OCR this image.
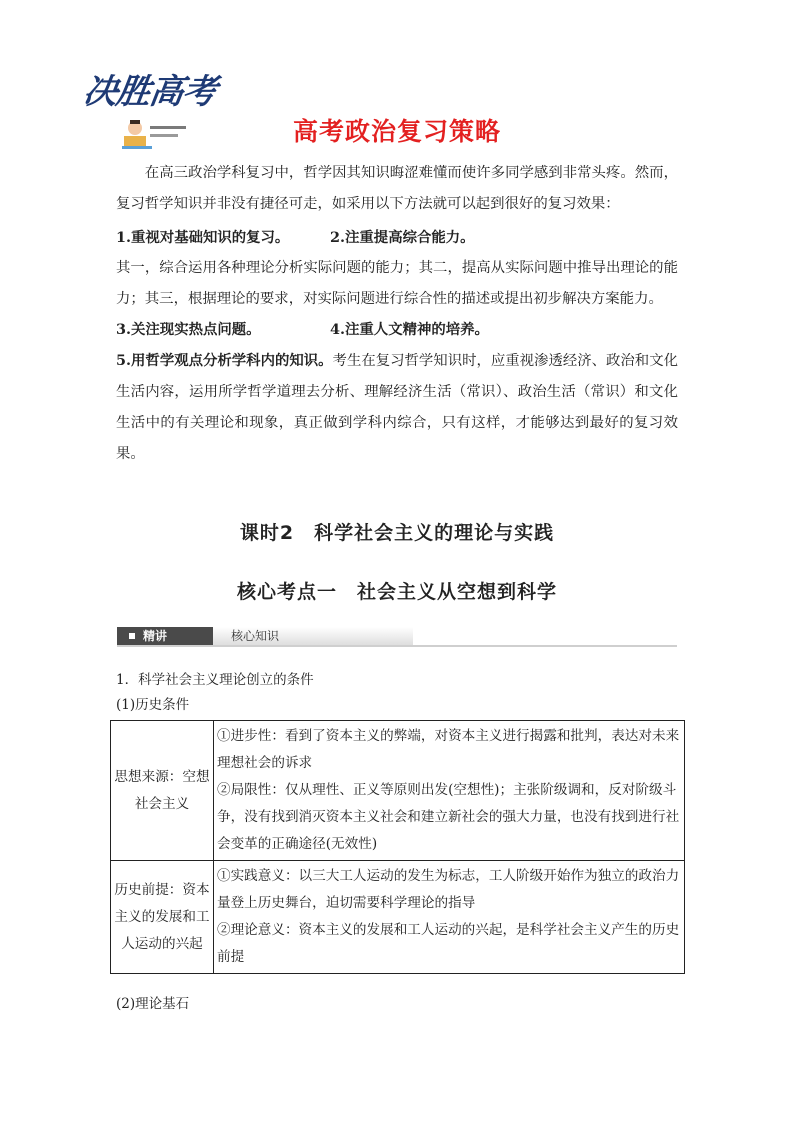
决胜高考
高考政治复习策略
在高三政治学科复习中，哲学因其知识晦涩难懂而使许多同学感到非常头疼。然而，复习哲学知识并非没有捷径可走，如采用以下方法就可以起到很好的复习效果：
1.重视对基础知识的复习。	2.注重提高综合能力。
其一，综合运用各种理论分析实际问题的能力；其二，提高从实际问题中推导出理论的能力；其三，根据理论的要求，对实际问题进行综合性的描述或提出初步解决方案能力。
3.关注现实热点问题。	4.注重人文精神的培养。
5.用哲学观点分析学科内的知识。考生在复习哲学知识时，应重视渗透经济、政治和文化生活内容，运用所学哲学道理去分析、理解经济生活（常识）、政治生活（常识）和文化生活中的有关理论和现象，真正做到学科内综合，只有这样，才能够达到最好的复习效果。
课时2　科学社会主义的理论与实践
核心考点一　社会主义从空想到科学
精讲	核心知识
1．科学社会主义理论创立的条件
(1)历史条件
思想来源：空想社会主义	①进步性：看到了资本主义的弊端，对资本主义进行揭露和批判，表达对未来理想社会的诉求
②局限性：仅从理性、正义等原则出发(空想性)；主张阶级调和，反对阶级斗争，没有找到消灭资本主义社会和建立新社会的强大力量，也没有找到进行社会变革的正确途径(无效性)

历史前提：资本主义的发展和工人运动的兴起	①实践意义：以三大工人运动的发生为标志，工人阶级开始作为独立的政治力量登上历史舞台，迫切需要科学理论的指导
②理论意义：资本主义的发展和工人运动的兴起，是科学社会主义产生的历史前提
(2)理论基石
